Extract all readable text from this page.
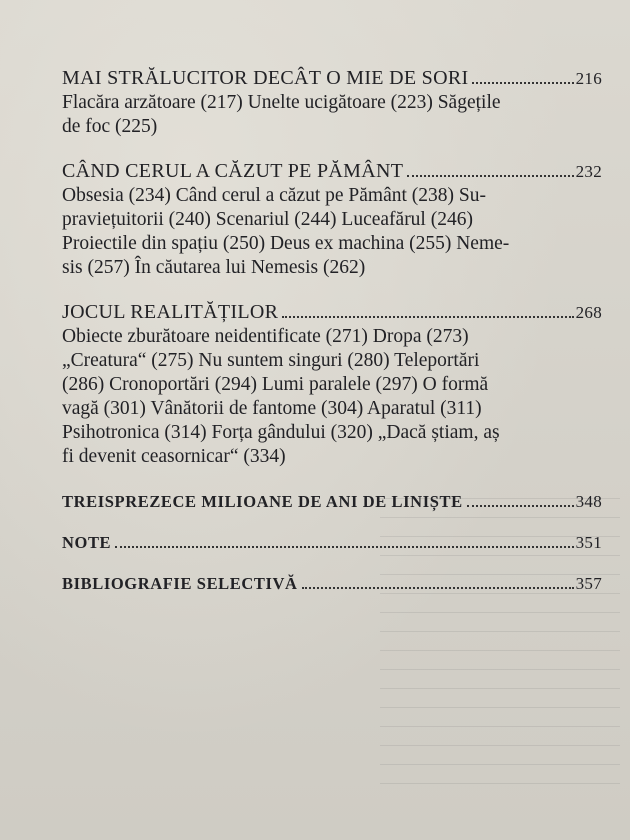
MAI STRĂLUCITOR DECÂT O MIE DE SORI	216
Flacăra arzătoare (217) Unelte ucigătoare (223) Săgețile
de foc (225)
CÂND CERUL A CĂZUT PE PĂMÂNT	232
Obsesia (234) Când cerul a căzut pe Pământ (238) Su-
praviețuitorii (240) Scenariul (244) Luceafărul (246)
Proiectile din spațiu (250) Deus ex machina (255) Neme-
sis (257) În căutarea lui Nemesis (262)
JOCUL REALITĂȚILOR	268
Obiecte zburătoare neidentificate (271) Dropa (273)
„Creatura“ (275) Nu suntem singuri (280) Teleportări
(286) Cronoportări (294) Lumi paralele (297) O formă
vagă (301) Vânătorii de fantome (304) Aparatul (311)
Psihotronica (314) Forța gândului (320) „Dacă știam, aș
fi devenit ceasornicar“ (334)
TREISPREZECE MILIOANE DE ANI DE LINIȘTE	348
NOTE	351
BIBLIOGRAFIE SELECTIVĂ	357
